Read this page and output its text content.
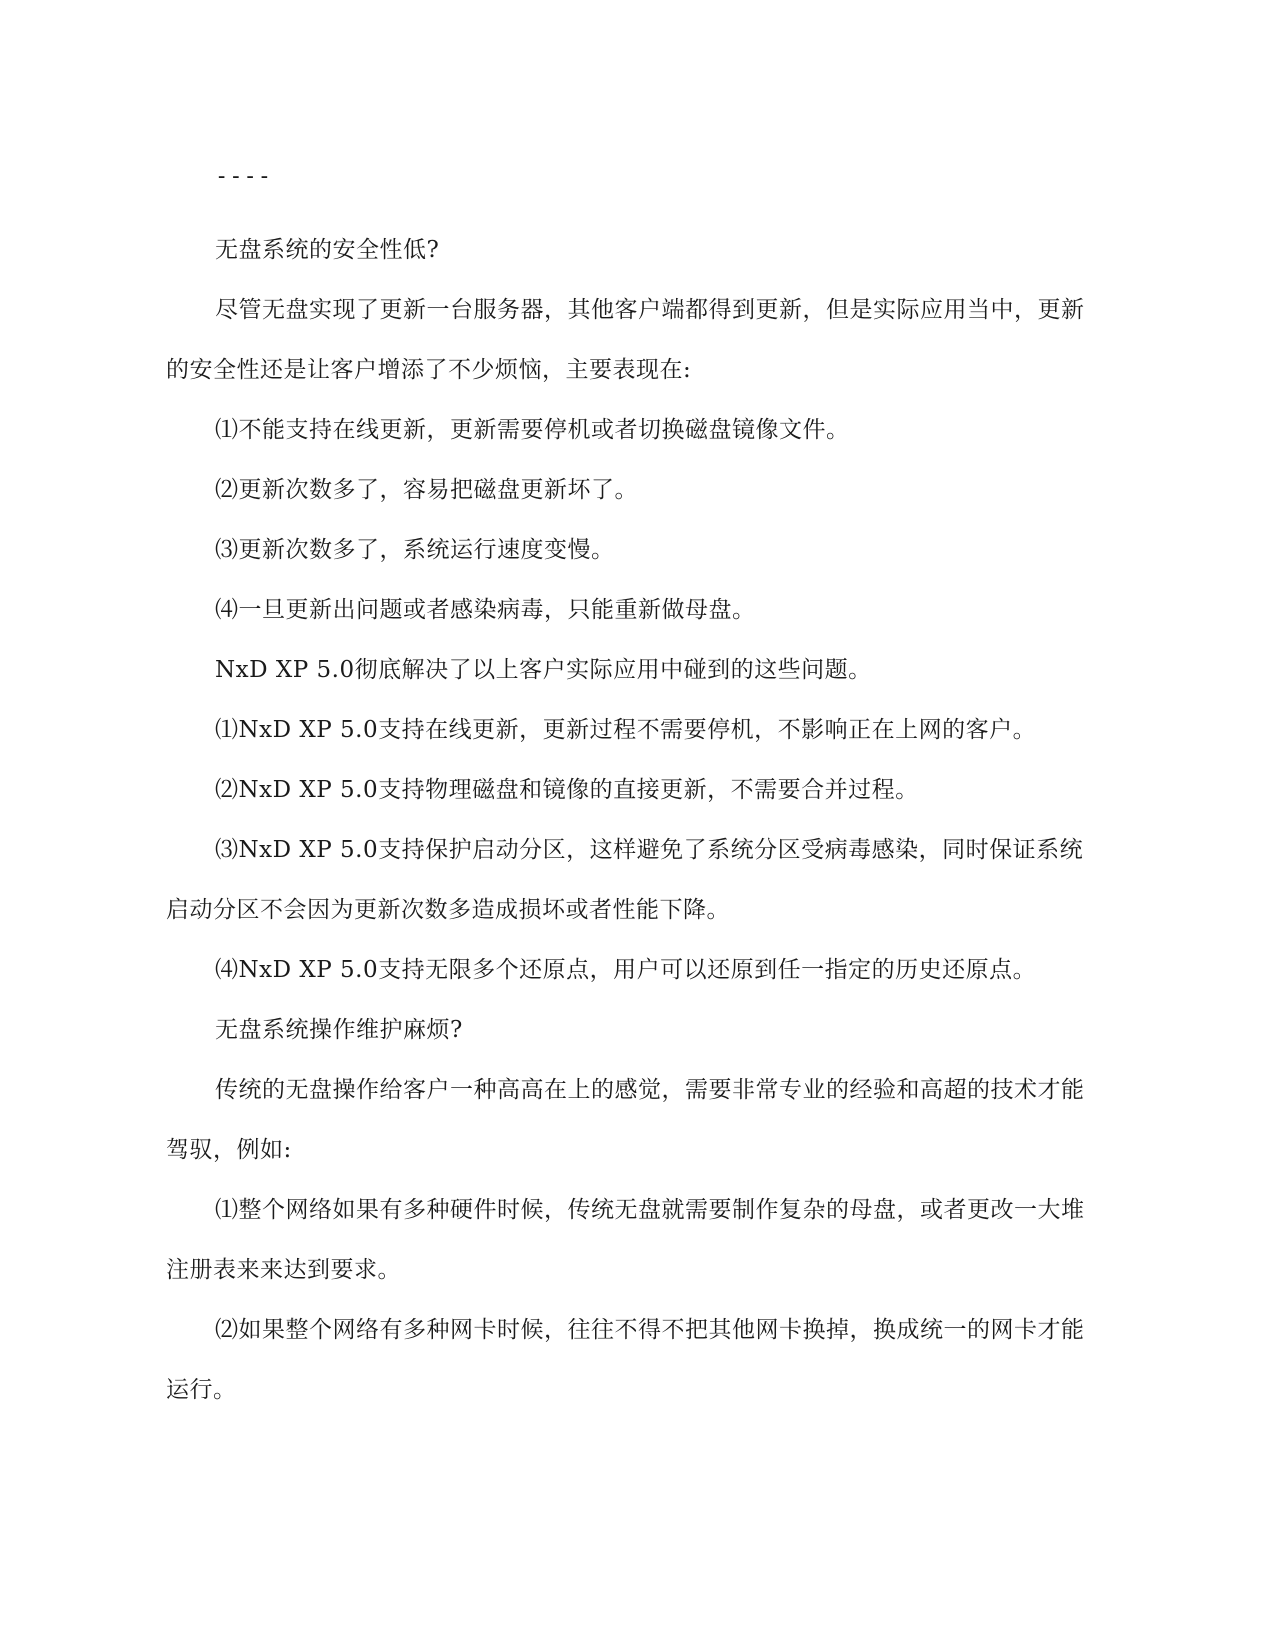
----

无盘系统的安全性低?

尽管无盘实现了更新一台服务器，其他客户端都得到更新，但是实际应用当中，更新的安全性还是让客户增添了不少烦恼，主要表现在:

⑴不能支持在线更新，更新需要停机或者切换磁盘镜像文件。

⑵更新次数多了，容易把磁盘更新坏了。

⑶更新次数多了，系统运行速度变慢。

⑷一旦更新出问题或者感染病毒，只能重新做母盘。

NxD XP 5.0彻底解决了以上客户实际应用中碰到的这些问题。

⑴NxD XP 5.0支持在线更新，更新过程不需要停机，不影响正在上网的客户。

⑵NxD XP 5.0支持物理磁盘和镜像的直接更新，不需要合并过程。

⑶NxD XP 5.0支持保护启动分区，这样避免了系统分区受病毒感染，同时保证系统启动分区不会因为更新次数多造成损坏或者性能下降。

⑷NxD XP 5.0支持无限多个还原点，用户可以还原到任一指定的历史还原点。

无盘系统操作维护麻烦?

传统的无盘操作给客户一种高高在上的感觉，需要非常专业的经验和高超的技术才能驾驭，例如:

⑴整个网络如果有多种硬件时候，传统无盘就需要制作复杂的母盘，或者更改一大堆注册表来来达到要求。

⑵如果整个网络有多种网卡时候，往往不得不把其他网卡换掉，换成统一的网卡才能运行。
